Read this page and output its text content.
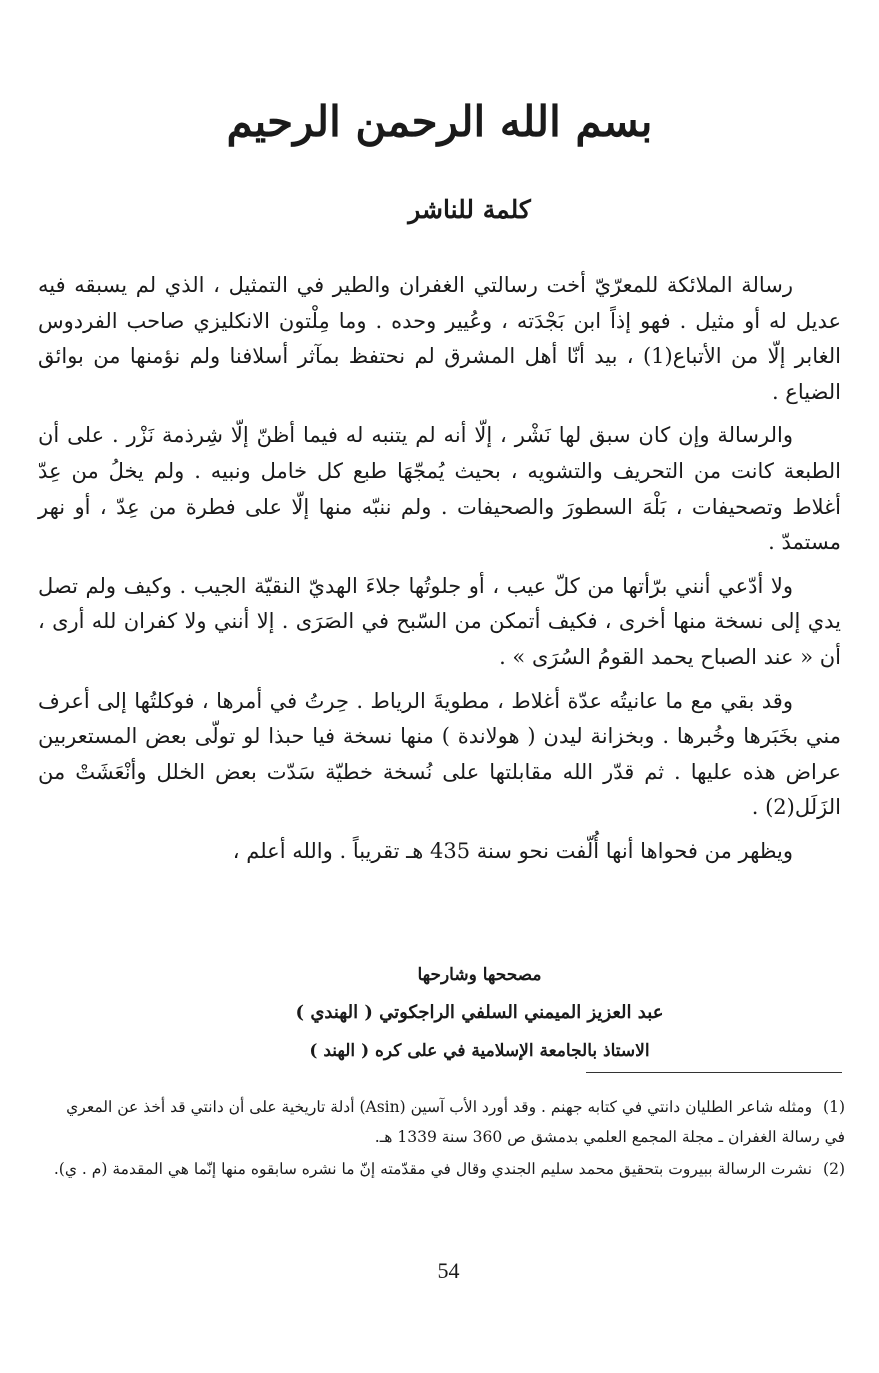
بسم الله الرحمن الرحيم
كلمة للناشر

رسالة الملائكة للمعرّيّ أخت رسالتي الغفران والطير في التمثيل ، الذي لم يسبقه فيه عديل له أو مثيل . فهو إذاً ابن بَجْدَته ، وعُيير وحده . وما مِلْتون الانكليزي صاحب الفردوس الغابر إلّا من الأتباع(1) ، بيد أنّا أهل المشرق لم نحتفظ بمآثر أسلافنا ولم نؤمنها من بوائق الضياع .

والرسالة وإن كان سبق لها نَشْر ، إلّا أنه لم يتنبه له فيما أظنّ إلّا شِرذمة نَزْر . على أن الطبعة كانت من التحريف والتشويه ، بحيث يُمجّهَا طبع كل خامل ونبيه . ولم يخلُ من عِدّ أغلاط وتصحيفات ، بَلْهَ السطورَ والصحيفات . ولم ننبّه منها إلّا على فطرة من عِدّ ، أو نهر مستمدّ .

ولا أدّعي أنني برّأتها من كلّ عيب ، أو جلوتُها جلاءَ الهديّ النقيّة الجيب . وكيف ولم تصل يدي إلى نسخة منها أخرى ، فكيف أتمكن من السّبح في الصَرَى . إلا أنني ولا كفران لله أرى ، أن « عند الصباح يحمد القومُ السُرَى » .

وقد بقي مع ما عانيتُه عدّة أغلاط ، مطويةَ الرياط . حِرتُ في أمرها ، فوكلتُها إلى أعرف مني بخَبَرها وخُبرها . وبخزانة ليدن ( هولاندة ) منها نسخة فيا حبذا لو تولّى بعض المستعربين عراض هذه عليها . ثم قدّر الله مقابلتها على نُسخة خطيّة سَدّت بعض الخلل وأنْعَشَتْ من الزَلَل(2) .

ويظهر من فحواها أنها أُلّفت نحو سنة 435 هـ تقريباً . والله أعلم ،

مصححها وشارحها
عبد العزيز الميمني السلفي الراجكوتي ( الهندي )
الاستاذ بالجامعة الإسلامية في على كره ( الهند )

(1) ومثله شاعر الطليان دانتي في كتابه جهنم . وقد أورد الأب آسين (Asin) أدلة تاريخية على أن دانتي قد أخذ عن المعري في رسالة الغفران ـ مجلة المجمع العلمي بدمشق ص 360 سنة 1339 هـ.

(2) نشرت الرسالة ببيروت بتحقيق محمد سليم الجندي وقال في مقدّمته إنّ ما نشره سابقوه منها إنّما هي المقدمة (م . ي).

54
